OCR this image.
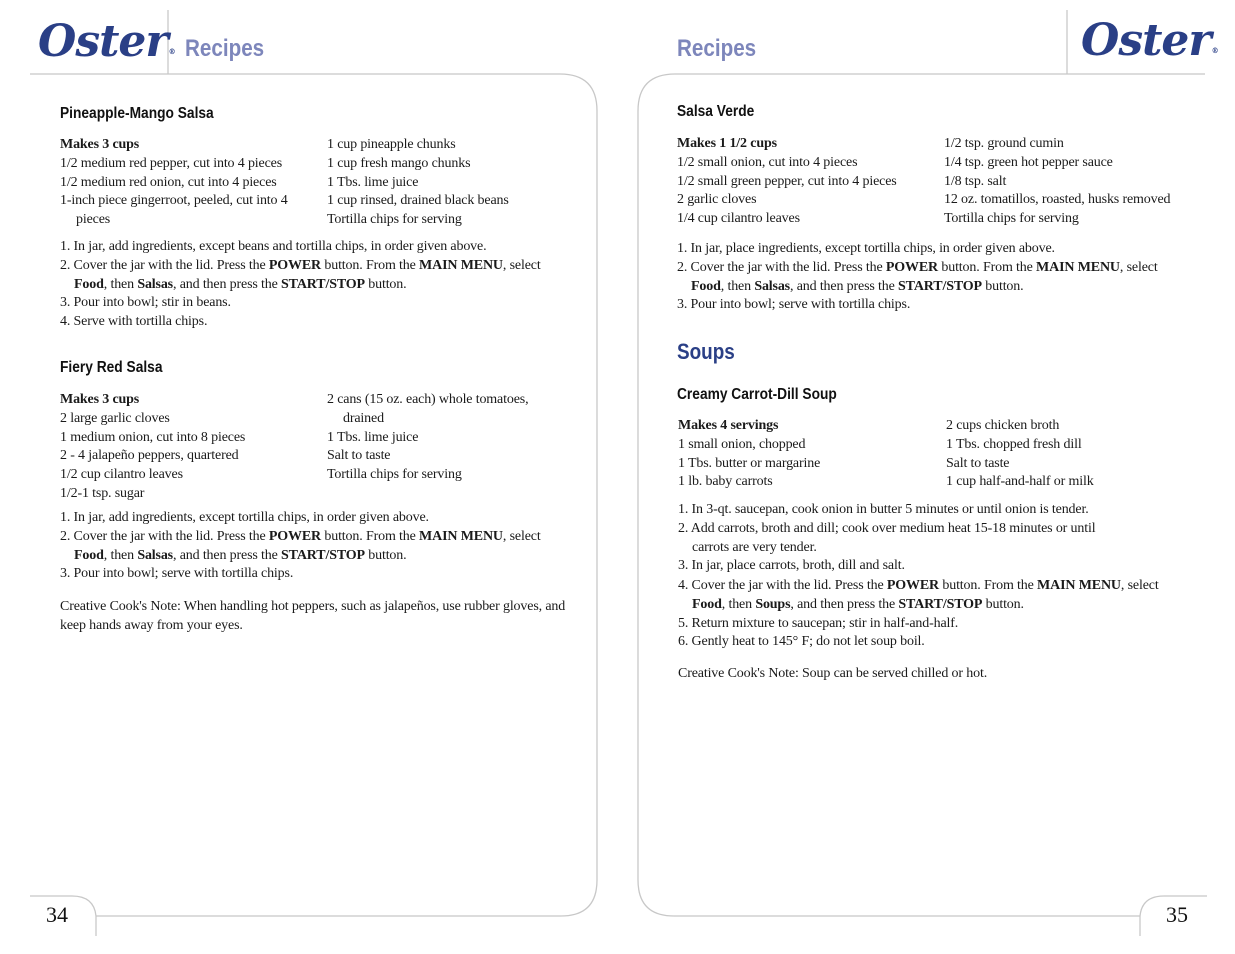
Oster® Recipes
Pineapple-Mango Salsa
Makes 3 cups
1/2 medium red pepper, cut into 4 pieces
1/2 medium red onion, cut into 4 pieces
1-inch piece gingerroot, peeled, cut into 4 pieces
1 cup pineapple chunks
1 cup fresh mango chunks
1 Tbs. lime juice
1 cup rinsed, drained black beans
Tortilla chips for serving
1. In jar, add ingredients, except beans and tortilla chips, in order given above.
2. Cover the jar with the lid. Press the POWER button. From the MAIN MENU, select Food, then Salsas, and then press the START/STOP button.
3. Pour into bowl; stir in beans.
4. Serve with tortilla chips.
Fiery Red Salsa
Makes 3 cups
2 large garlic cloves
1 medium onion, cut into 8 pieces
2 - 4 jalapeño peppers, quartered
1/2 cup cilantro leaves
1/2-1 tsp. sugar
2 cans (15 oz. each) whole tomatoes, drained
1 Tbs. lime juice
Salt to taste
Tortilla chips for serving
1. In jar, add ingredients, except tortilla chips, in order given above.
2. Cover the jar with the lid. Press the POWER button. From the MAIN MENU, select Food, then Salsas, and then press the START/STOP button.
3. Pour into bowl; serve with tortilla chips.
Creative Cook's Note: When handling hot peppers, such as jalapeños, use rubber gloves, and keep hands away from your eyes.
34
Recipes	Oster®
Salsa Verde
Makes 1 1/2 cups
1/2 small onion, cut into 4 pieces
1/2 small green pepper, cut into 4 pieces
2 garlic cloves
1/4 cup cilantro leaves
1/2 tsp. ground cumin
1/4 tsp. green hot pepper sauce
1/8 tsp. salt
12 oz. tomatillos, roasted, husks removed
Tortilla chips for serving
1. In jar, place ingredients, except tortilla chips, in order given above.
2. Cover the jar with the lid. Press the POWER button. From the MAIN MENU, select Food, then Salsas, and then press the START/STOP button.
3. Pour into bowl; serve with tortilla chips.
Soups
Creamy Carrot-Dill Soup
Makes 4 servings
1 small onion, chopped
1 Tbs. butter or margarine
1 lb. baby carrots
2 cups chicken broth
1 Tbs. chopped fresh dill
Salt to taste
1 cup half-and-half or milk
1. In 3-qt. saucepan, cook onion in butter 5 minutes or until onion is tender.
2. Add carrots, broth and dill; cook over medium heat 15-18 minutes or until carrots are very tender.
3. In jar, place carrots, broth, dill and salt.
4. Cover the jar with the lid. Press the POWER button. From the MAIN MENU, select Food, then Soups, and then press the START/STOP button.
5. Return mixture to saucepan; stir in half-and-half.
6. Gently heat to 145° F; do not let soup boil.
Creative Cook's Note: Soup can be served chilled or hot.
35
